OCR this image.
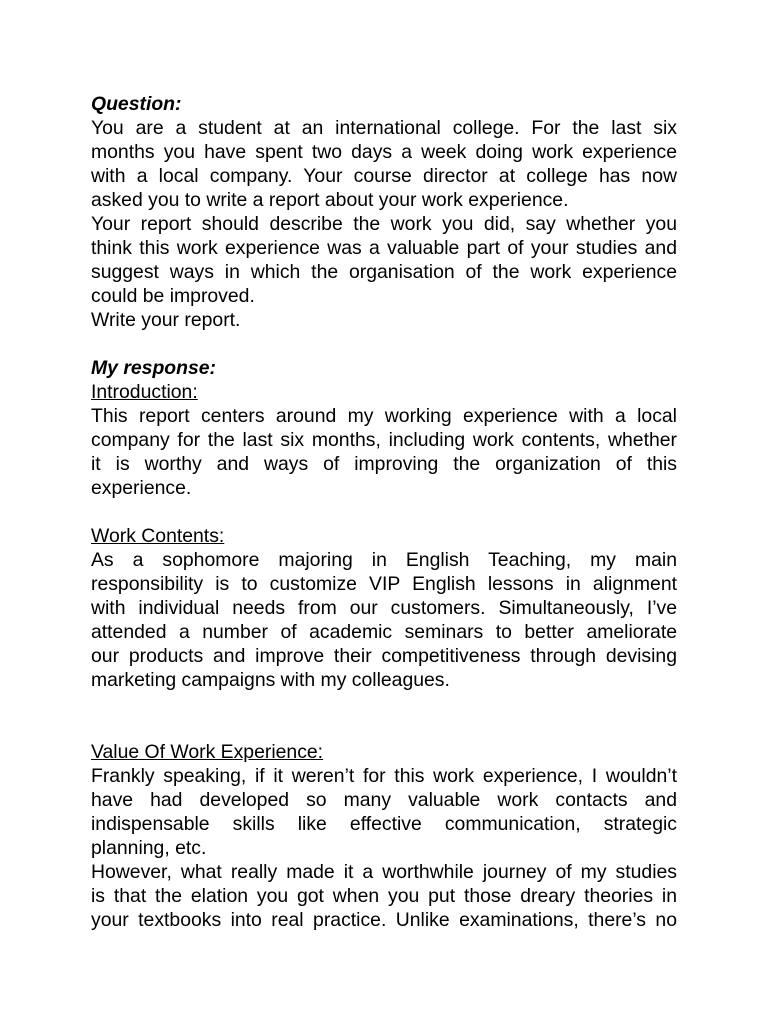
Question:
You are a student at an international college. For the last six
months you have spent two days a week doing work experience
with a local company. Your course director at college has now
asked you to write a report about your work experience.
Your report should describe the work you did, say whether you
think this work experience was a valuable part of your studies and
suggest ways in which the organisation of the work experience
could be improved.
Write your report.
My response:
Introduction:
This report centers around my working experience with a local
company for the last six months, including work contents, whether
it is worthy and ways of improving the organization of this
experience.
Work Contents:
As a sophomore majoring in English Teaching, my main
responsibility is to customize VIP English lessons in alignment
with individual needs from our customers. Simultaneously, I’ve
attended a number of academic seminars to better ameliorate
our products and improve their competitiveness through devising
marketing campaigns with my colleagues.
Value Of Work Experience:
Frankly speaking, if it weren’t for this work experience, I wouldn’t
have had developed so many valuable work contacts and
indispensable skills like effective communication, strategic
planning, etc.
However, what really made it a worthwhile journey of my studies
is that the elation you got when you put those dreary theories in
your textbooks into real practice. Unlike examinations, there’s no
